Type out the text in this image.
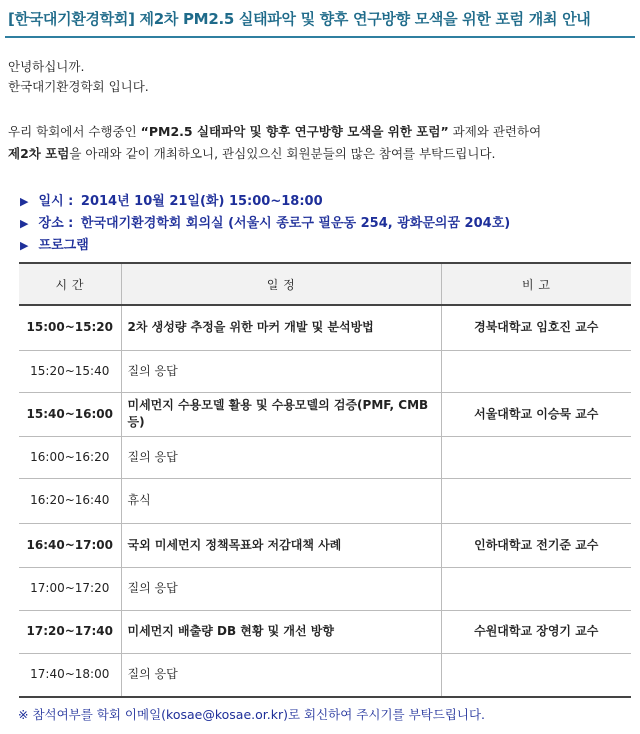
[한국대기환경학회] 제2차 PM2.5 실태파악 및 향후 연구방향 모색을 위한 포럼 개최 안내
안녕하십니까.
한국대기환경학회 입니다.
우리 학회에서 수행중인 “PM2.5 실태파악 및 향후 연구방향 모색을 위한 포럼” 과제와 관련하여
제2차 포럼을 아래와 같이 개최하오니, 관심있으신 회원분들의 많은 참여를 부탁드립니다.
▶ 일시 : 2014년 10월 21일(화) 15:00~18:00
▶ 장소 : 한국대기환경학회 회의실 (서울시 종로구 필운동 254, 광화문의꿈 204호)
▶ 프로그램
시 간	일 정	비 고
15:00~15:20	2차 생성량 추정을 위한 마커 개발 및 분석방법	경북대학교 임호진 교수
15:20~15:40	질의 응답	
15:40~16:00	미세먼지 수용모델 활용 및 수용모델의 검증(PMF, CMB 등)	서울대학교 이승묵 교수
16:00~16:20	질의 응답	
16:20~16:40	휴식	
16:40~17:00	국외 미세먼지 정책목표와 저감대책 사례	인하대학교 전기준 교수
17:00~17:20	질의 응답	
17:20~17:40	미세먼지 배출량 DB 현황 및 개선 방향	수원대학교 장영기 교수
17:40~18:00	질의 응답	
※ 참석여부를 학회 이메일(kosae@kosae.or.kr)로 회신하여 주시기를 부탁드립니다.
